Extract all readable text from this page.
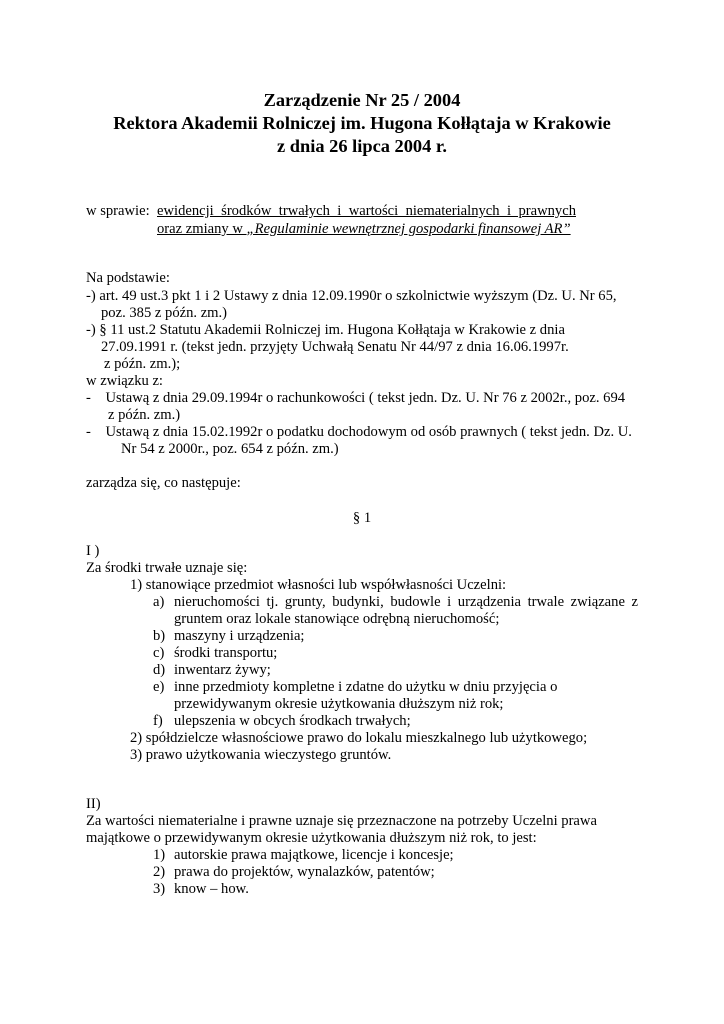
Zarządzenie Nr 25 / 2004
Rektora Akademii Rolniczej im. Hugona Kołłątaja w Krakowie
z dnia 26 lipca 2004 r.
w sprawie: ewidencji środków trwałych i wartości niematerialnych i prawnych
oraz zmiany w „Regulaminie wewnętrznej gospodarki finansowej AR”
Na podstawie:
-) art. 49 ust.3 pkt 1 i 2 Ustawy z dnia 12.09.1990r o szkolnictwie wyższym (Dz. U. Nr 65,
poz. 385 z późn. zm.)
-) § 11 ust.2 Statutu Akademii Rolniczej im. Hugona Kołłątaja w Krakowie z dnia
27.09.1991 r. (tekst jedn. przyjęty Uchwałą Senatu Nr 44/97 z dnia 16.06.1997r.
z późn. zm.);
w związku z:
-    Ustawą z dnia 29.09.1994r o rachunkowości ( tekst jedn. Dz. U. Nr 76 z 2002r., poz. 694
z późn. zm.)
-    Ustawą z dnia 15.02.1992r o podatku dochodowym od osób prawnych ( tekst jedn. Dz. U.
Nr 54 z 2000r., poz. 654 z późn. zm.)
zarządza się, co następuje:
§ 1
I )
Za środki trwałe uznaje się:
1) stanowiące przedmiot własności lub współwłasności Uczelni:
a) nieruchomości tj. grunty, budynki, budowle i urządzenia trwale związane z
gruntem oraz lokale stanowiące odrębną nieruchomość;
b) maszyny i urządzenia;
c) środki transportu;
d) inwentarz żywy;
e) inne przedmioty kompletne i zdatne do użytku w dniu przyjęcia o
przewidywanym okresie użytkowania dłuższym niż rok;
f) ulepszenia w obcych środkach trwałych;
2) spółdzielcze własnościowe prawo do lokalu mieszkalnego lub użytkowego;
3) prawo użytkowania wieczystego gruntów.
II)
Za wartości niematerialne i prawne uznaje się przeznaczone na potrzeby Uczelni prawa
majątkowe o przewidywanym okresie użytkowania dłuższym niż rok, to jest:
1) autorskie prawa majątkowe, licencje i koncesje;
2) prawa do projektów, wynalazków, patentów;
3) know – how.
